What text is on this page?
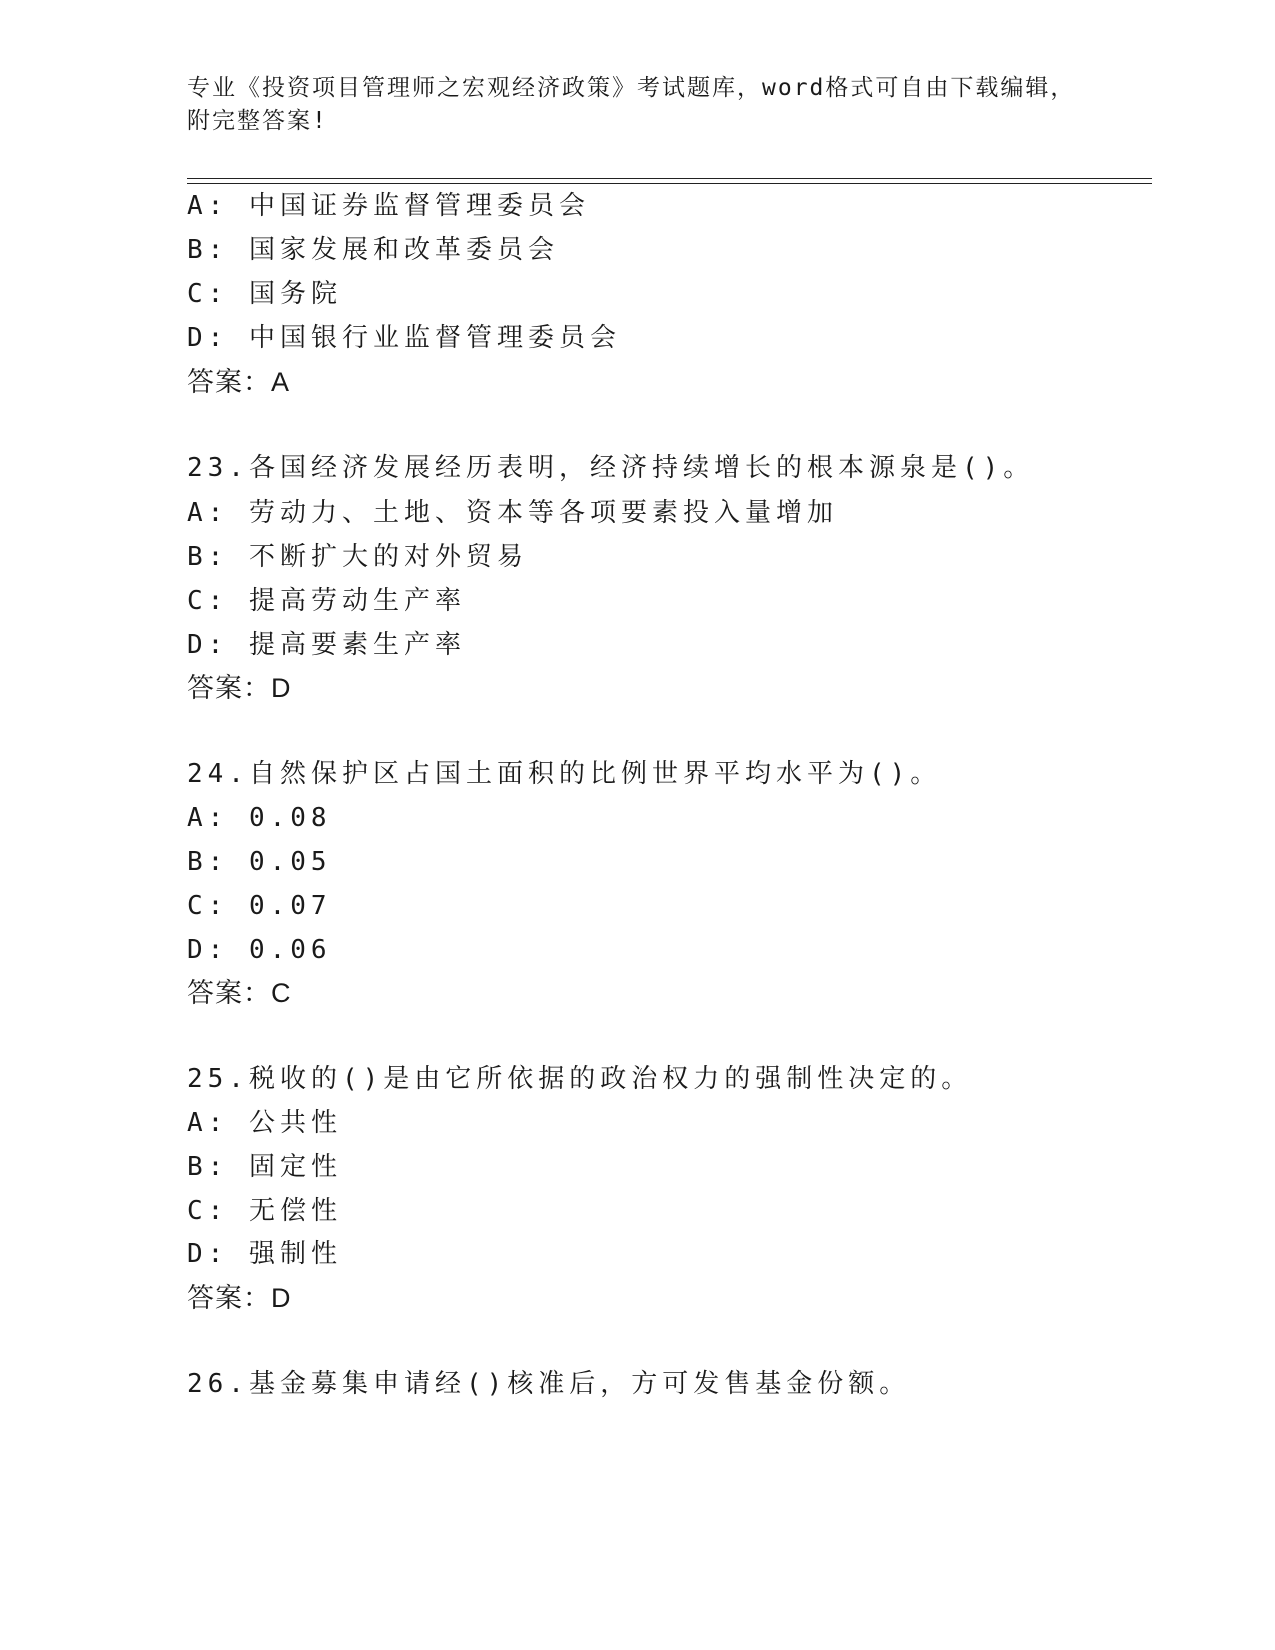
专业《投资项目管理师之宏观经济政策》考试题库，word格式可自由下载编辑，
附完整答案!
A: 中国证券监督管理委员会
B: 国家发展和改革委员会
C: 国务院
D: 中国银行业监督管理委员会
答案：A
23.各国经济发展经历表明，经济持续增长的根本源泉是()。
A: 劳动力、土地、资本等各项要素投入量增加
B: 不断扩大的对外贸易
C: 提高劳动生产率
D: 提高要素生产率
答案：D
24.自然保护区占国土面积的比例世界平均水平为()。
A: 0.08
B: 0.05
C: 0.07
D: 0.06
答案：C
25.税收的()是由它所依据的政治权力的强制性决定的。
A: 公共性
B: 固定性
C: 无偿性
D: 强制性
答案：D
26.基金募集申请经()核准后，方可发售基金份额。
